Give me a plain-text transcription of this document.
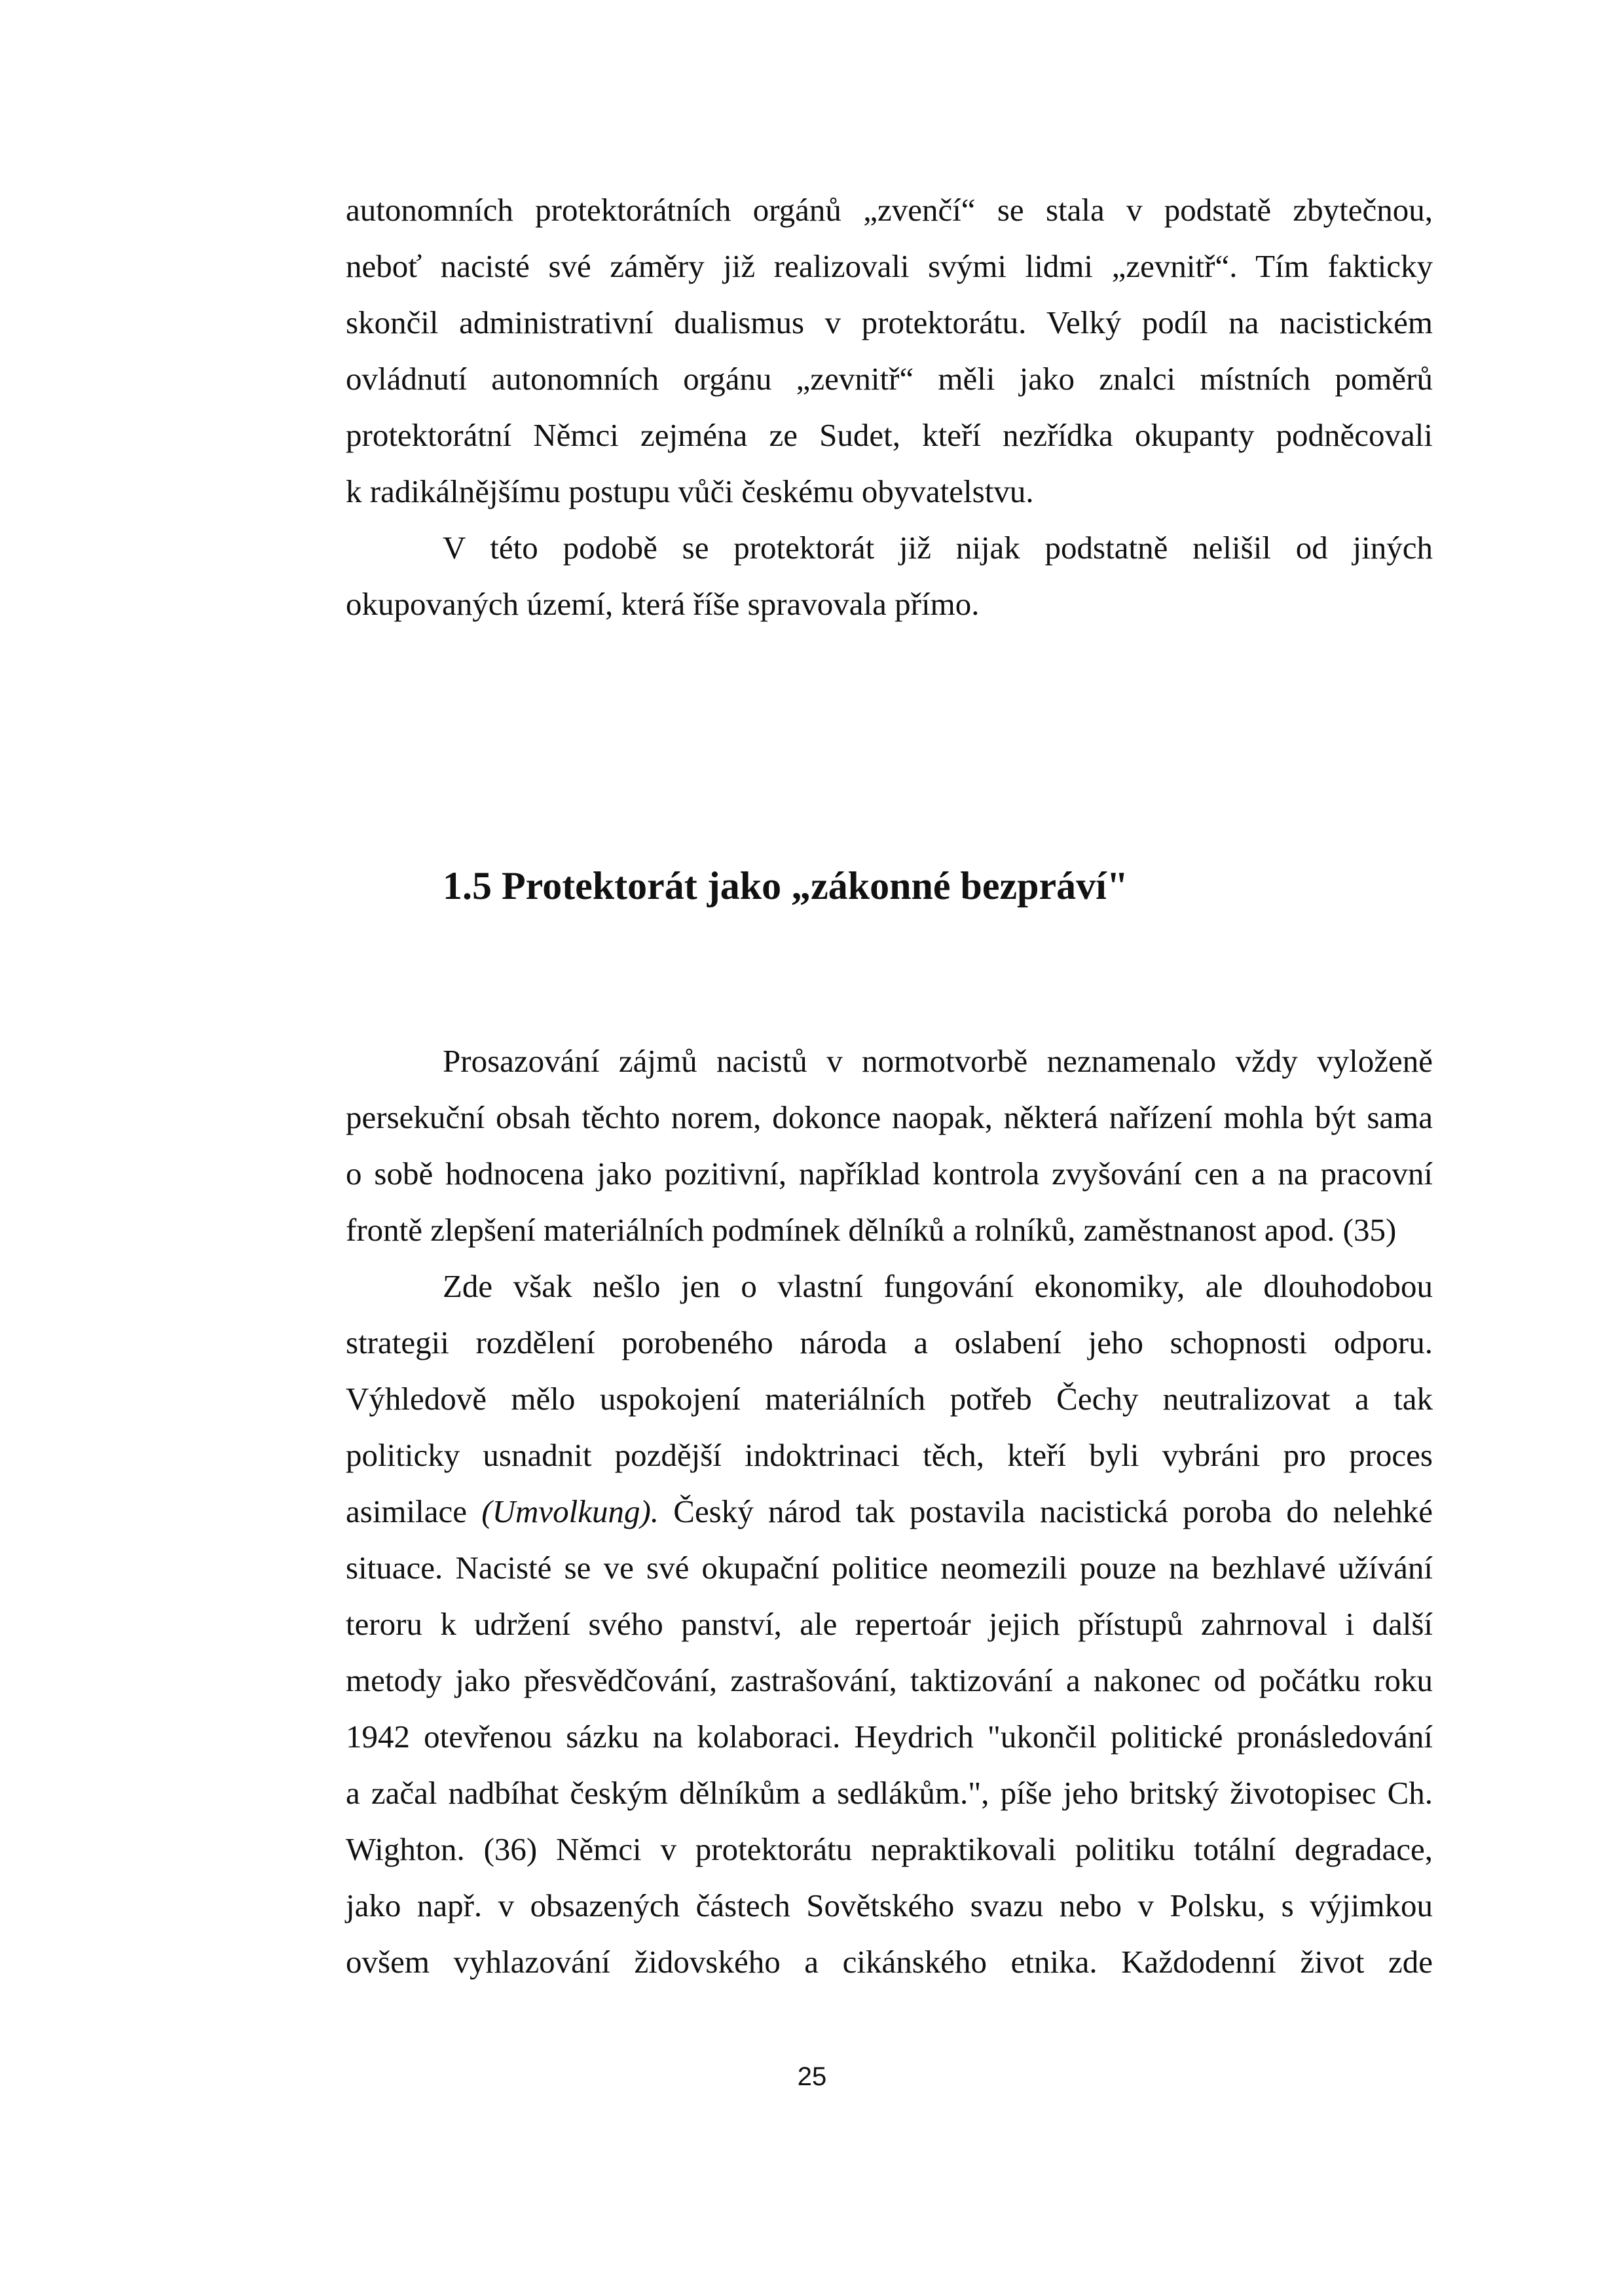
autonomních protektorátních orgánů „zvenčí“ se stala v podstatě zbytečnou,
neboť nacisté své záměry již realizovali svými lidmi „zevnitř“. Tím fakticky
skončil administrativní dualismus v protektorátu. Velký podíl na nacistickém
ovládnutí autonomních orgánu „zevnitř“ měli jako znalci místních poměrů
protektorátní Němci zejména ze Sudet, kteří nezřídka okupanty podněcovali
k radikálnějšímu postupu vůči českému obyvatelstvu.
V této podobě se protektorát již nijak podstatně nelišil od jiných
okupovaných území, která říše spravovala přímo.
1.5 Protektorát jako „zákonné bezpráví"
Prosazování zájmů nacistů v normotvorbě neznamenalo vždy vyloženě
persekuční obsah těchto norem, dokonce naopak, některá nařízení mohla být sama
o sobě hodnocena jako pozitivní, například kontrola zvyšování cen a na pracovní
frontě zlepšení materiálních podmínek dělníků a rolníků, zaměstnanost apod. (35)
Zde však nešlo jen o vlastní fungování ekonomiky, ale dlouhodobou
strategii rozdělení porobeného národa a oslabení jeho schopnosti odporu.
Výhledově mělo uspokojení materiálních potřeb Čechy neutralizovat a tak
politicky usnadnit pozdější indoktrinaci těch, kteří byli vybráni pro proces
asimilace (Umvolkung). Český národ tak postavila nacistická poroba do nelehké
situace. Nacisté se ve své okupační politice neomezili pouze na bezhlavé užívání
teroru k udržení svého panství, ale repertoár jejich přístupů zahrnoval i další
metody jako přesvědčování, zastrašování, taktizování a nakonec od počátku roku
1942 otevřenou sázku na kolaboraci. Heydrich "ukončil politické pronásledování
a začal nadbíhat českým dělníkům a sedlákům.", píše jeho britský životopisec Ch.
Wighton. (36) Němci v protektorátu nepraktikovali politiku totální degradace,
jako např. v obsazených částech Sovětského svazu nebo v Polsku, s výjimkou
ovšem vyhlazování židovského a cikánského etnika. Každodenní život zde
25
